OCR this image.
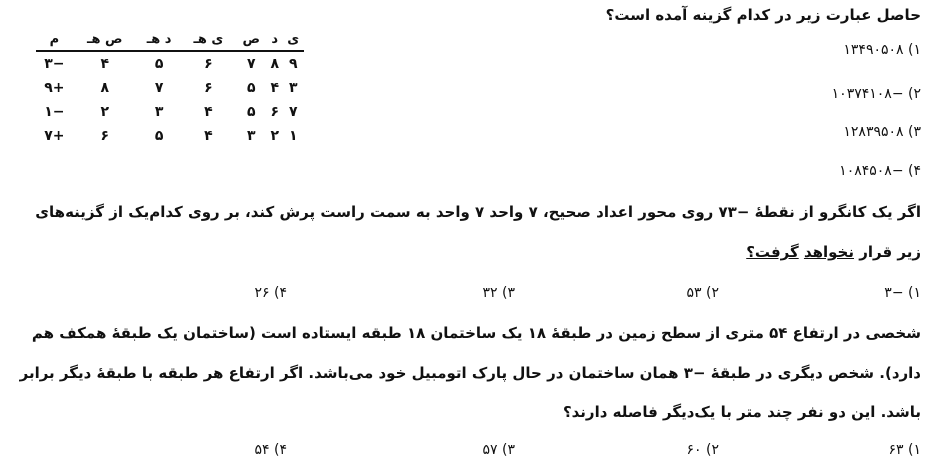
حاصل عبارت زیر در کدام گزینه آمده است؟
ی	د	ص	ی هـ	د هـ	ص هـ	م
۹	۸	۷	۶	۵	۴	−۳
۳	۴	۵	۶	۷	۸	+۹
۷	۶	۵	۴	۳	۲	−۱
۱	۲	۳	۴	۵	۶	+۷
۱) ۱۳۴۹۰۵۰۸
۲) −۱۰۳۷۴۱۰۸
۳) ۱۲۸۳۹۵۰۸
۴) −۱۰۸۴۵۰۸
اگر یک کانگرو از نقطهٔ −۷۳ روی محور اعداد صحیح، ۷ واحد ۷ واحد به سمت راست پرش کند، بر روی کدام‌یک از گزینه‌های
زیر قرار نخواهد گرفت؟
۱) −۳
۲) ۵۳
۳) ۳۲
۴) ۲۶
شخصی در ارتفاع ۵۴ متری از سطح زمین در طبقهٔ ۱۸ یک ساختمان ۱۸ طبقه ایستاده است (ساختمان یک طبقهٔ همکف هم
دارد). شخص دیگری در طبقهٔ −۳ همان ساختمان در حال پارک اتومبیل خود می‌باشد. اگر ارتفاع هر طبقه با طبقهٔ دیگر برابر
باشد. این دو نفر چند متر با یک‌دیگر فاصله دارند؟
۱) ۶۳
۲) ۶۰
۳) ۵۷
۴) ۵۴
